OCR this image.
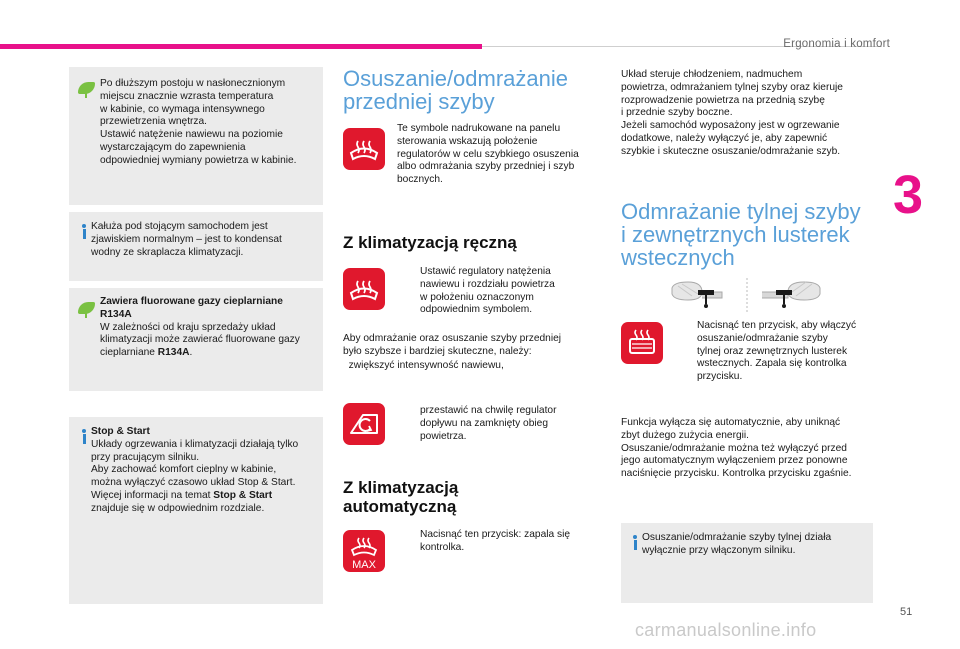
Ergonomia i komfort
3
51
carmanualsonline.info

Po dłuższym postoju w nasłonecznionym

miejscu znacznie wzrasta temperatura

w kabinie, co wymaga intensywnego

przewietrzenia wnętrza.

Ustawić natężenie nawiewu na poziomie

wystarczającym do zapewnienia

odpowiedniej wymiany powietrza w kabinie.

Kałuża pod stojącym samochodem jest

zjawiskiem normalnym – jest to kondensat

wodny ze skraplacza klimatyzacji.

Zawiera fluorowane gazy cieplarniane

R134A

W zależności od kraju sprzedaży układ

klimatyzacji może zawierać fluorowane gazy

cieplarniane R134A.

Stop & Start

Układy ogrzewania i klimatyzacji działają tylko

przy pracującym silniku.

Aby zachować komfort cieplny w kabinie,

można wyłączyć czasowo układ Stop & Start.

Więcej informacji na temat Stop & Start

znajduje się w odpowiednim rozdziale.

Osuszanie/odmrażanie
przedniej szyby
Te symbole nadrukowane na panelu
sterowania wskazują położenie
regulatorów w celu szybkiego osuszenia
albo odmrażania szyby przedniej i szyb
bocznych.
Z klimatyzacją ręczną
Ustawić regulatory natężenia
nawiewu i rozdziału powietrza
w położeniu oznaczonym
odpowiednim symbolem.
Aby odmrażanie oraz osuszanie szyby przedniej
było szybsze i bardziej skuteczne, należy:
zwiększyć intensywność nawiewu,
przestawić na chwilę regulator
dopływu na zamknięty obieg
powietrza.
Z klimatyzacją
automatyczną
MAX
Nacisnąć ten przycisk: zapala się
kontrolka.
Układ steruje chłodzeniem, nadmuchem
powietrza, odmrażaniem tylnej szyby oraz kieruje
rozprowadzenie powietrza na przednią szybę
i przednie szyby boczne.
Jeżeli samochód wyposażony jest w ogrzewanie
dodatkowe, należy wyłączyć je, aby zapewnić
szybkie i skuteczne osuszanie/odmrażanie szyb.
Odmrażanie tylnej szyby
i zewnętrznych lusterek
wstecznych
Nacisnąć ten przycisk, aby włączyć
osuszanie/odmrażanie szyby
tylnej oraz zewnętrznych lusterek
wstecznych. Zapala się kontrolka
przycisku.
Funkcja wyłącza się automatycznie, aby uniknąć
zbyt dużego zużycia energii.
Osuszanie/odmrażanie można też wyłączyć przed
jego automatycznym wyłączeniem przez ponowne
naciśnięcie przycisku. Kontrolka przycisku zgaśnie.

Osuszanie/odmrażanie szyby tylnej działa

wyłącznie przy włączonym silniku.
